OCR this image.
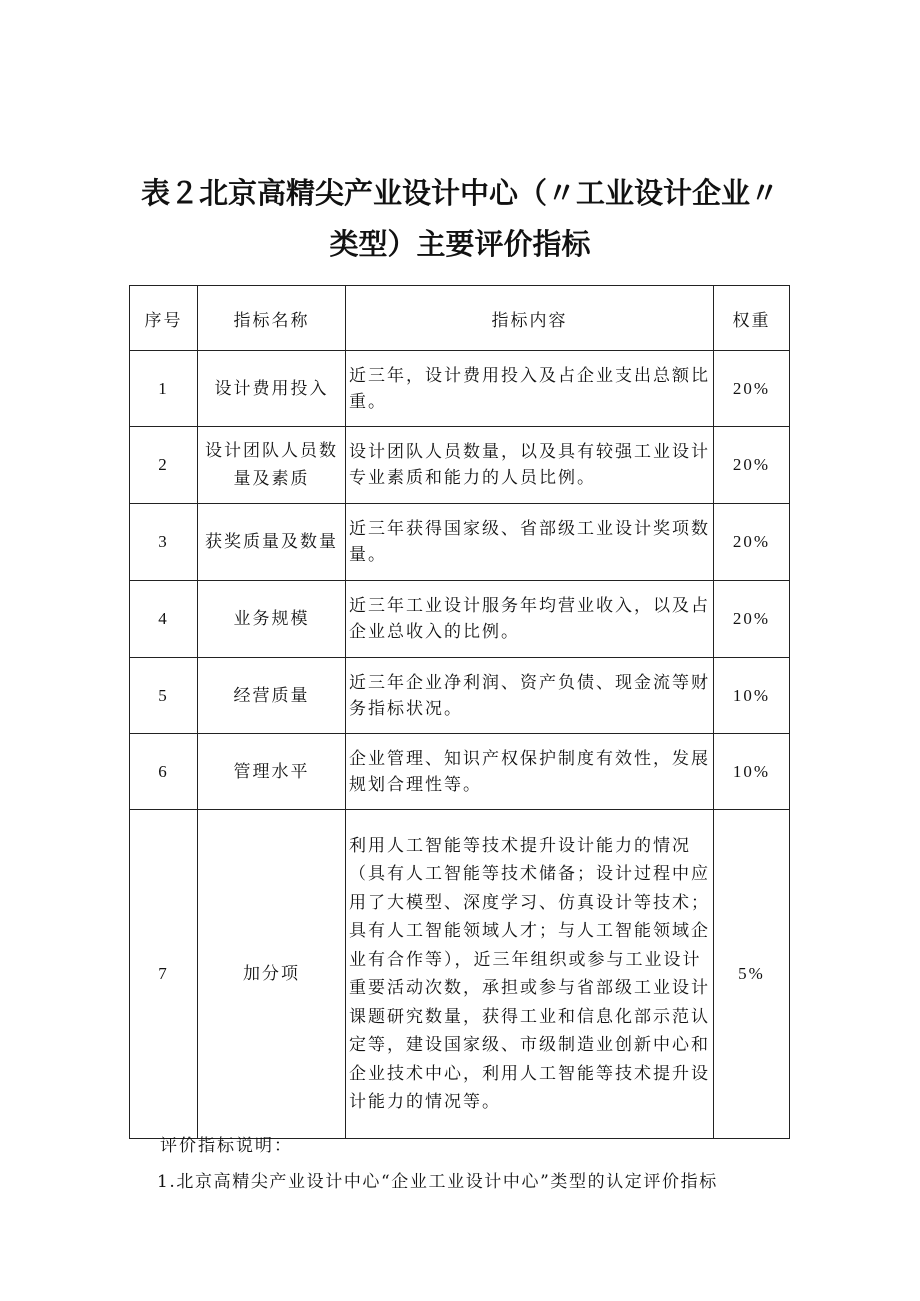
表２北京高精尖产业设计中心（〃工业设计企业〃
类型）主要评价指标
序号	指标名称	指标内容	权重
1	设计费用投入	近三年，设计费用投入及占企业支出总额比重。	20%
2	设计团队人员数量及素质	设计团队人员数量，以及具有较强工业设计专业素质和能力的人员比例。	20%
3	获奖质量及数量	近三年获得国家级、省部级工业设计奖项数量。	20%
4	业务规模	近三年工业设计服务年均营业收入，以及占企业总收入的比例。	20%
5	经营质量	近三年企业净利润、资产负债、现金流等财务指标状况。	10%
6	管理水平	企业管理、知识产权保护制度有效性，发展规划合理性等。	10%
7	加分项	利用人工智能等技术提升设计能力的情况（具有人工智能等技术储备；设计过程中应用了大模型、深度学习、仿真设计等技术；具有人工智能领域人才；与人工智能领域企业有合作等），近三年组织或参与工业设计重要活动次数，承担或参与省部级工业设计课题研究数量，获得工业和信息化部示范认定等，建设国家级、市级制造业创新中心和企业技术中心，利用人工智能等技术提升设计能力的情况等。	5%
评价指标说明：
1.北京高精尖产业设计中心“企业工业设计中心”类型的认定评价指标
